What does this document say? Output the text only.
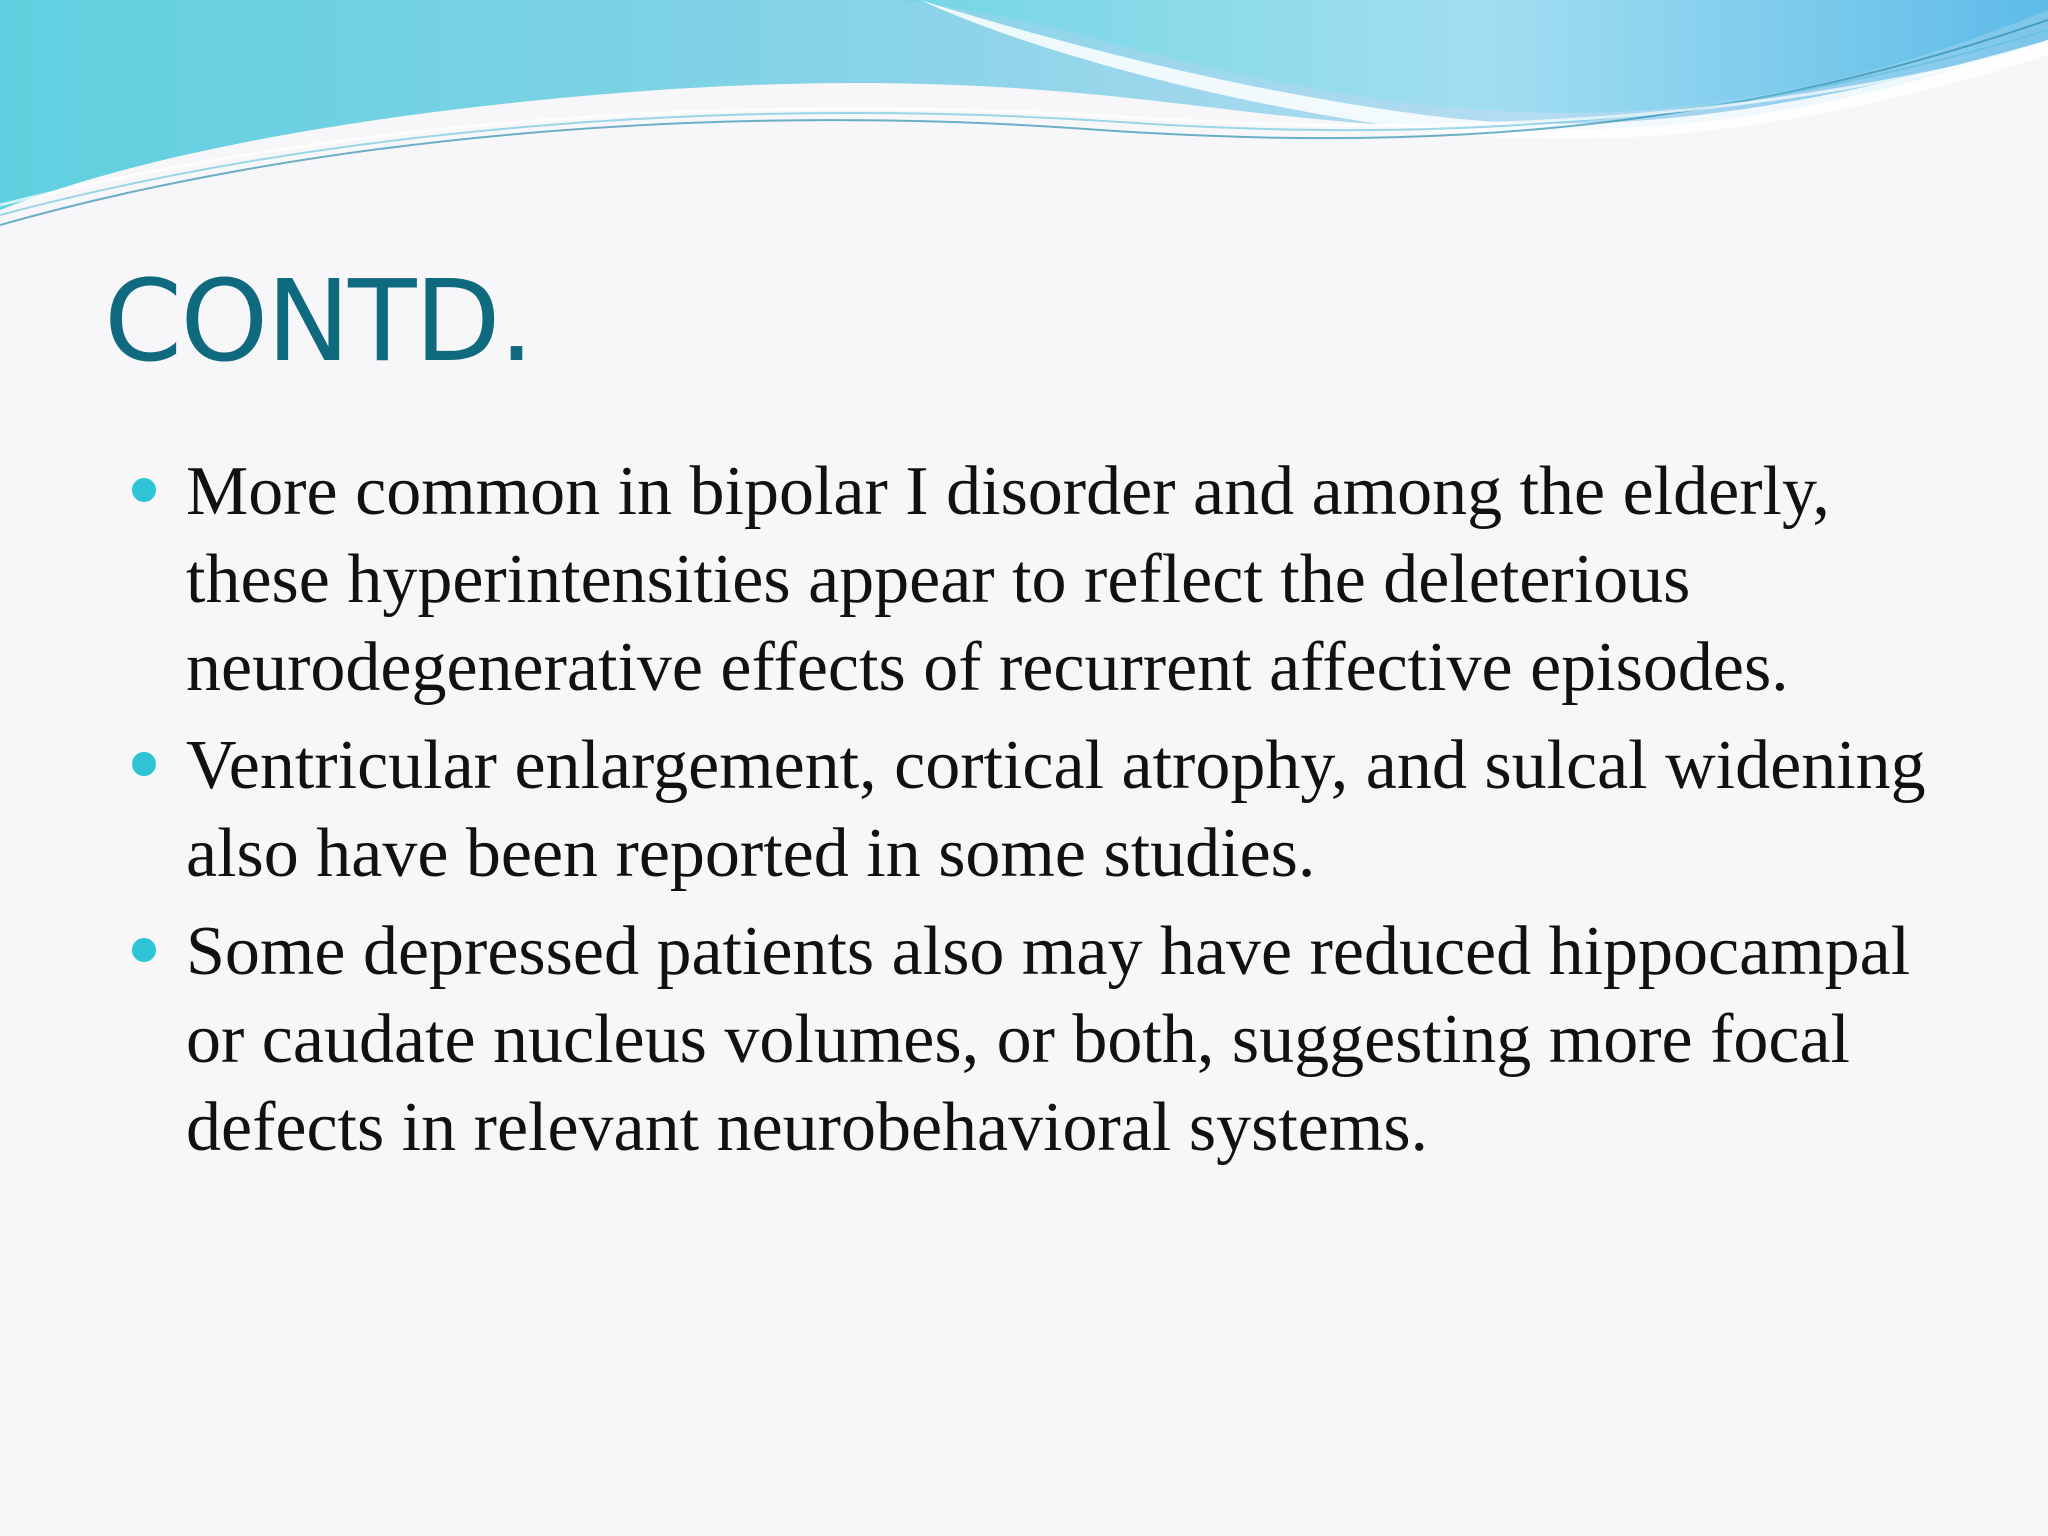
CONTD.
More common in bipolar I disorder and among the elderly, these hyperintensities appear to reflect the deleterious neurodegenerative effects of recurrent affective episodes.
Ventricular enlargement, cortical atrophy, and sulcal widening also have been reported in some studies.
Some depressed patients also may have reduced hippocampal or caudate nucleus volumes, or both, suggesting more focal defects in relevant neurobehavioral systems.
